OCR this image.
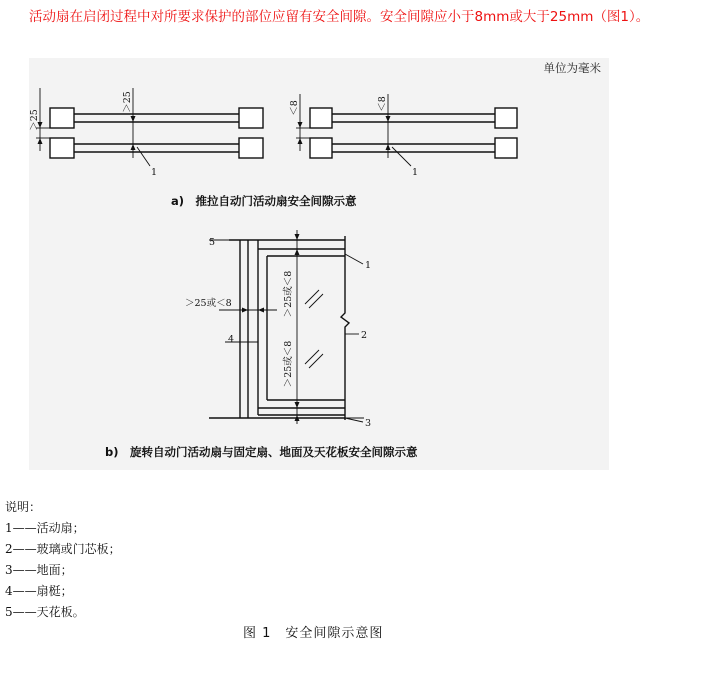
活动扇在启闭过程中对所要求保护的部位应留有安全间隙。安全间隙应小于8mm或大于25mm（图1）。
单位为毫米
＞25
＞25	＜8	＜8
1	1
5
1
2
4
3
＞25或＜8	＞25或＜8
＞25或＜8
a)　推拉自动门活动扇安全间隙示意
b)　旋转自动门活动扇与固定扇、地面及天花板安全间隙示意
说明：
1——活动扇；
2——玻璃或门芯板；
3——地面；
4——扇梃；
5——天花板。
图 1　安全间隙示意图
